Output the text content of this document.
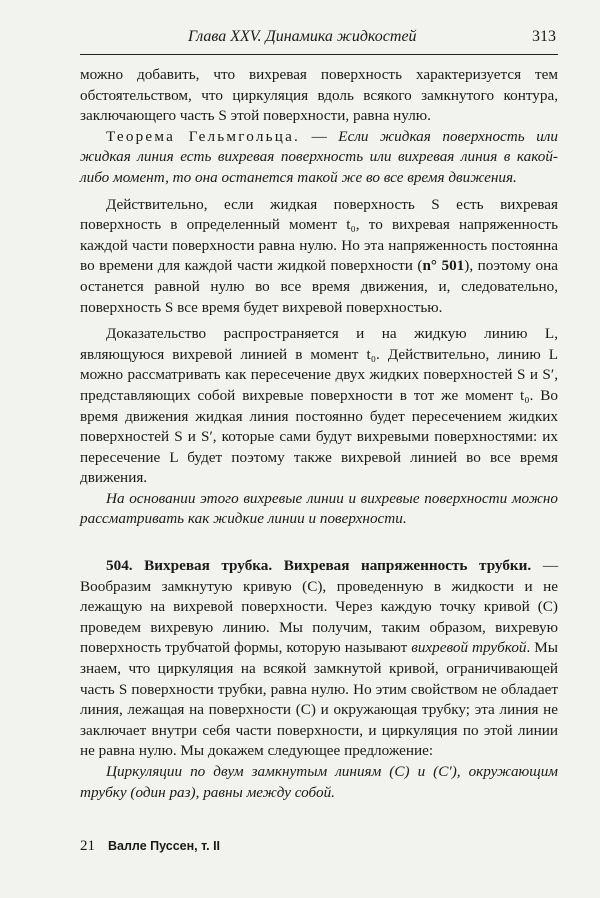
Глава XXV. Динамика жидкостей	313

можно добавить, что вихревая поверхность характеризуется тем обстоятельством, что циркуляция вдоль всякого замкнутого контура, заключающего часть S этой поверхности, равна нулю.

Теорема Гельмгольца. — Если жидкая поверхность или жидкая линия есть вихревая поверхность или вихревая линия в какой-либо момент, то она останется такой же во все время движения.

Действительно, если жидкая поверхность S есть вихревая поверхность в определенный момент t₀, то вихревая напряженность каждой части поверхности равна нулю. Но эта напряженность постоянна во времени для каждой части жидкой поверхности (n° 501), поэтому она останется равной нулю во все время движения, и, следовательно, поверхность S все время будет вихревой поверхностью.

Доказательство распространяется и на жидкую линию L, являющуюся вихревой линией в момент t₀. Действительно, линию L можно рассматривать как пересечение двух жидких поверхностей S и S′, представляющих собой вихревые поверхности в тот же момент t₀. Во время движения жидкая линия постоянно будет пересечением жидких поверхностей S и S′, которые сами будут вихревыми поверхностями: их пересечение L будет поэтому также вихревой линией во все время движения.

На основании этого вихревые линии и вихревые поверхности можно рассматривать как жидкие линии и поверхности.

504. Вихревая трубка. Вихревая напряженность трубки. — Вообразим замкнутую кривую (C), проведенную в жидкости и не лежащую на вихревой поверхности. Через каждую точку кривой (C) проведем вихревую линию. Мы получим, таким образом, вихревую поверхность трубчатой формы, которую называют вихревой трубкой. Мы знаем, что циркуляция на всякой замкнутой кривой, ограничивающей часть S поверхности трубки, равна нулю. Но этим свойством не обладает линия, лежащая на поверхности (C) и окружающая трубку; эта линия не заключает внутри себя части поверхности, и циркуляция по этой линии не равна нулю. Мы докажем следующее предложение:

Циркуляции по двум замкнутым линиям (C) и (C′), окружающим трубку (один раз), равны между собой.

21 Валле Пуссен, т. II
